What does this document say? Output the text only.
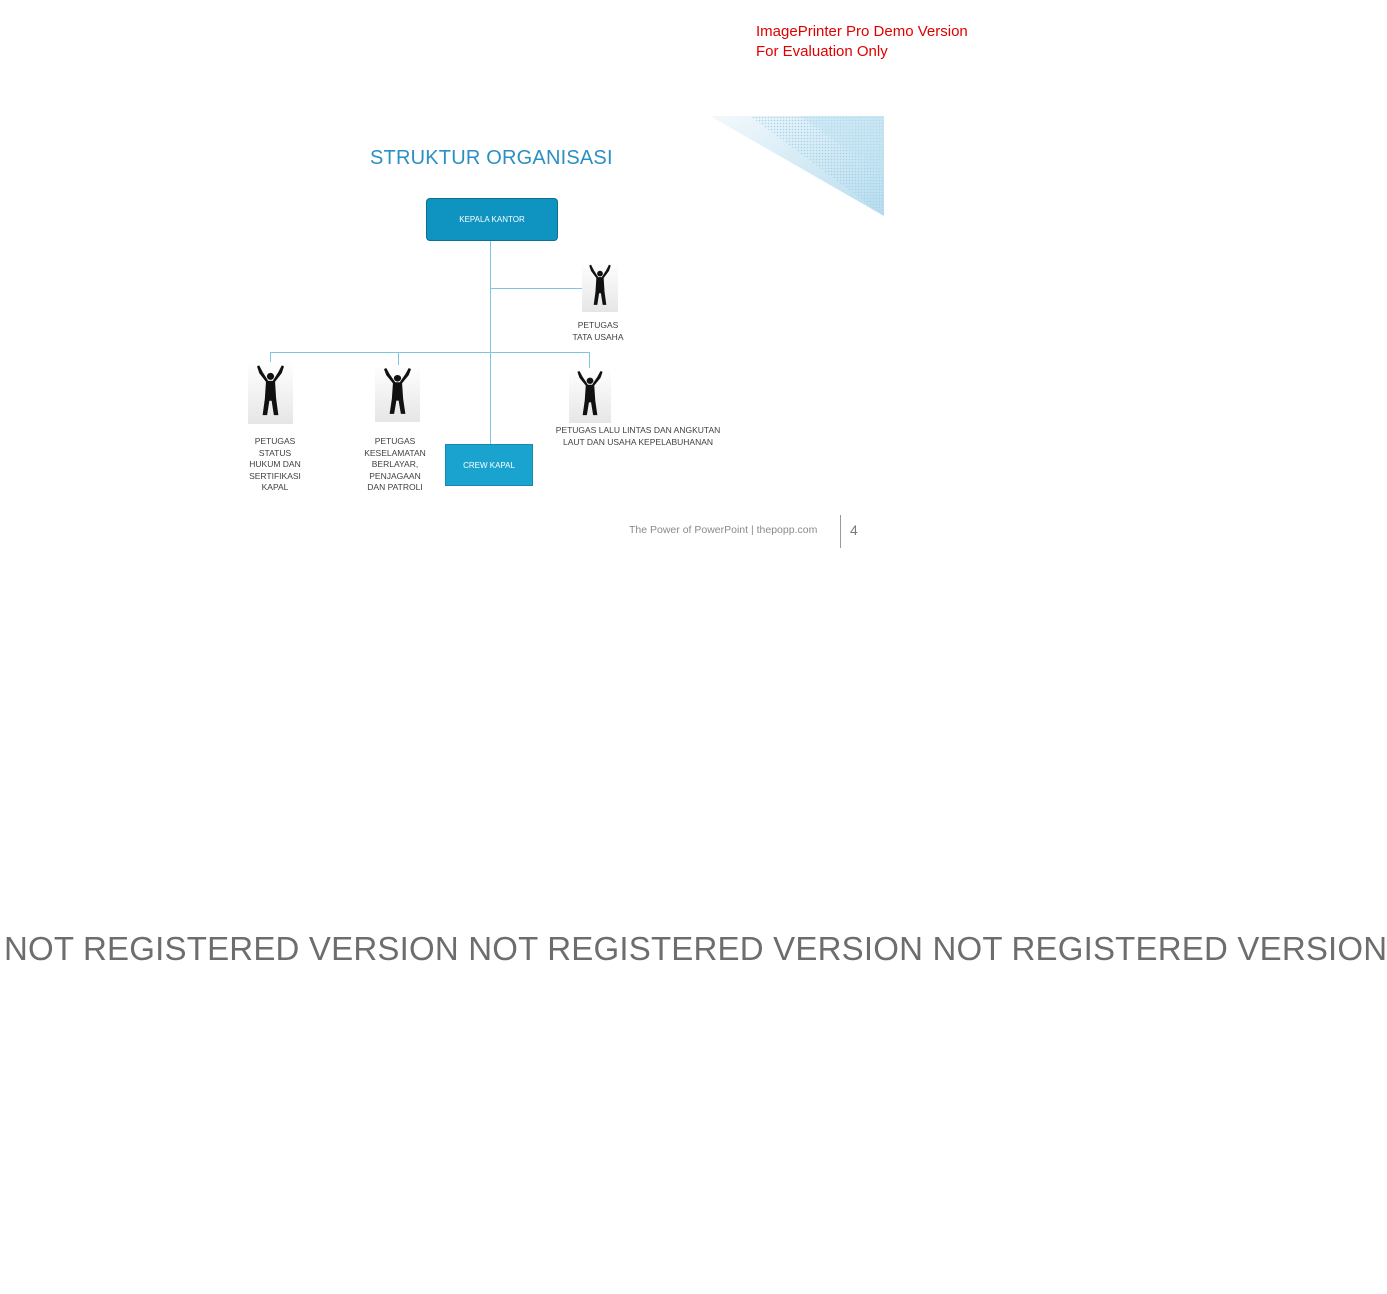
ImagePrinter Pro Demo Version
For Evaluation Only
STRUKTUR ORGANISASI
KEPALA KANTOR
PETUGAS
TATA USAHA
PETUGAS
STATUS
HUKUM DAN
SERTIFIKASI
KAPAL
PETUGAS
KESELAMATAN
BERLAYAR,
PENJAGAAN
DAN PATROLI
CREW KAPAL
PETUGAS LALU LINTAS DAN ANGKUTAN
LAUT DAN USAHA KEPELABUHANAN
The Power of PowerPoint | thepopp.com 4
NOT REGISTERED VERSION NOT REGISTERED VERSION NOT REGISTERED VERSION
